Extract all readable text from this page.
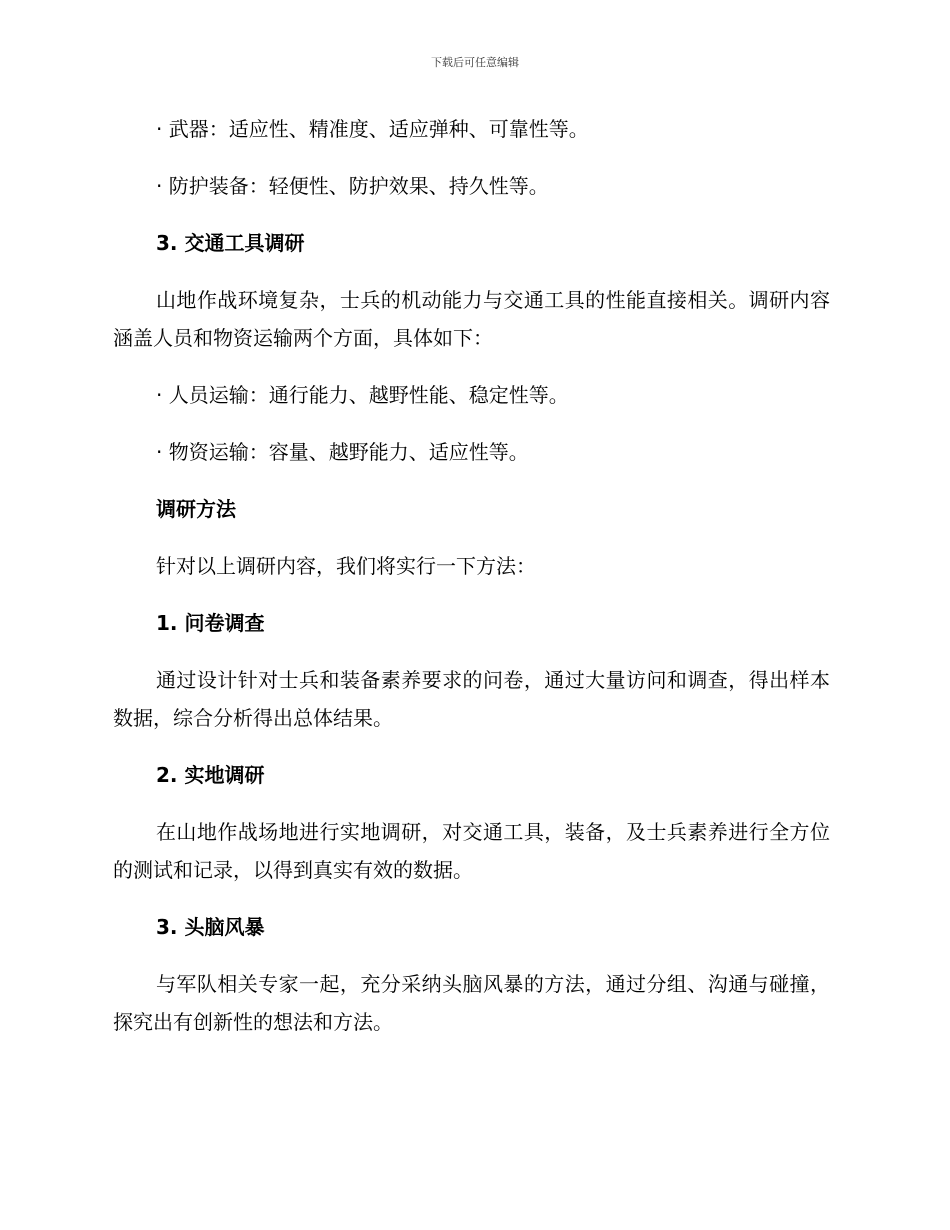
下载后可任意编辑
· 武器：适应性、精准度、适应弹种、可靠性等。
· 防护装备：轻便性、防护效果、持久性等。
3. 交通工具调研
山地作战环境复杂，士兵的机动能力与交通工具的性能直接相关。调研内容涵盖人员和物资运输两个方面，具体如下：
· 人员运输：通行能力、越野性能、稳定性等。
· 物资运输：容量、越野能力、适应性等。
调研方法
针对以上调研内容，我们将实行一下方法：
1. 问卷调查
通过设计针对士兵和装备素养要求的问卷，通过大量访问和调查，得出样本数据，综合分析得出总体结果。
2. 实地调研
在山地作战场地进行实地调研，对交通工具，装备，及士兵素养进行全方位的测试和记录，以得到真实有效的数据。
3. 头脑风暴
与军队相关专家一起，充分采纳头脑风暴的方法，通过分组、沟通与碰撞，探究出有创新性的想法和方法。
